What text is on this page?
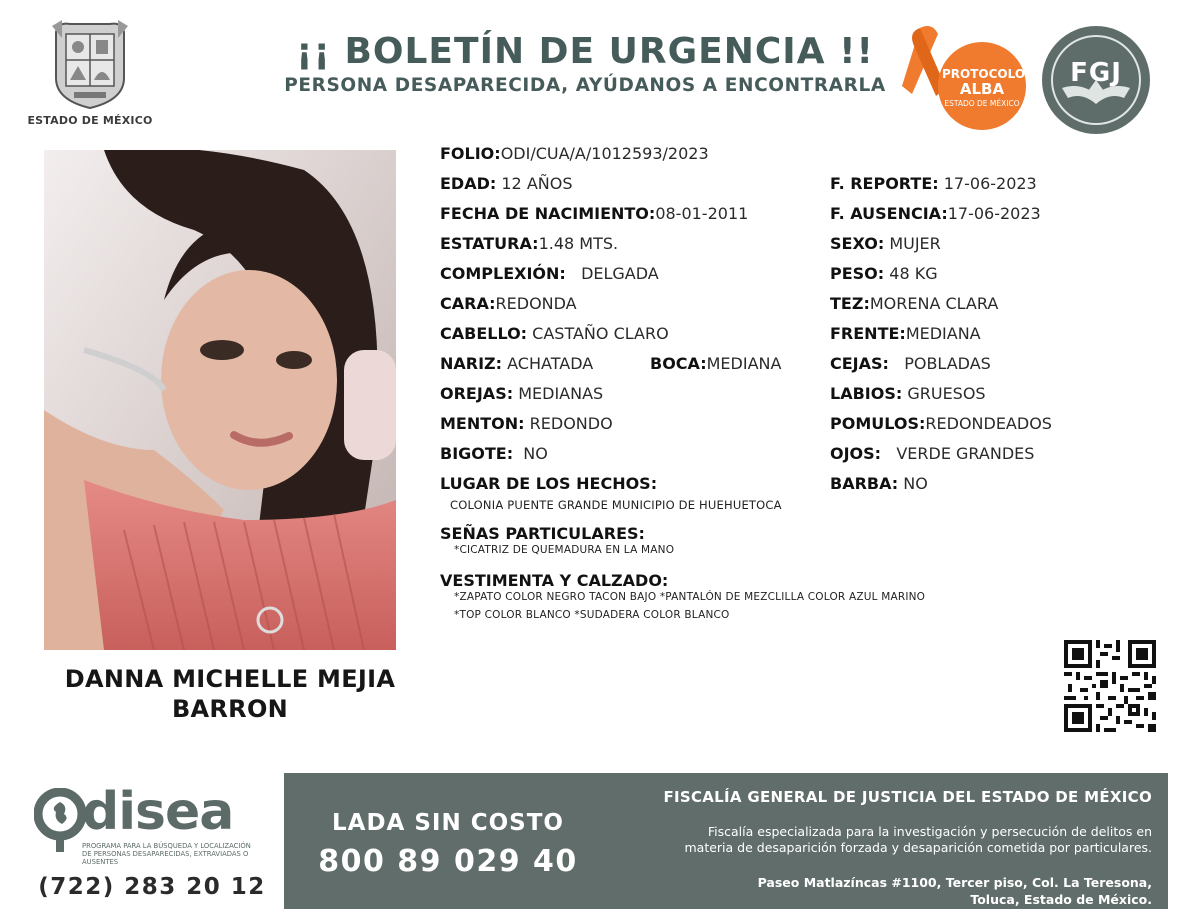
ESTADO DE MÉXICO
¡¡ BOLETÍN DE URGENCIA !!
PERSONA DESAPARECIDA, AYÚDANOS A ENCONTRARLA
PROTOCOLO
ALBA
ESTADO DE MÉXICO
FGJ
DANNA MICHELLE MEJIA
BARRON
FOLIO:ODI/CUA/A/1012593/2023
EDAD: 12 AÑOS	F. REPORTE: 17-06-2023
FECHA DE NACIMIENTO:08-01-2011	F. AUSENCIA:17-06-2023
ESTATURA:1.48 MTS.	SEXO: MUJER
COMPLEXIÓN: DELGADA	PESO: 48 KG
CARA:REDONDA	TEZ:MORENA CLARA
CABELLO: CASTAÑO CLARO	FRENTE:MEDIANA
NARIZ: ACHATADA	BOCA:MEDIANA	CEJAS: POBLADAS
OREJAS: MEDIANAS	LABIOS: GRUESOS
MENTON: REDONDO	POMULOS:REDONDEADOS
BIGOTE: NO	OJOS: VERDE GRANDES
LUGAR DE LOS HECHOS:
COLONIA PUENTE GRANDE MUNICIPIO DE HUEHUETOCA
BARBA: NO
SEÑAS PARTICULARES:
*CICATRIZ DE QUEMADURA EN LA MANO
VESTIMENTA Y CALZADO:
*ZAPATO COLOR NEGRO TACON BAJO *PANTALÓN DE MEZCLILLA COLOR AZUL MARINO
*TOP COLOR BLANCO *SUDADERA COLOR BLANCO
disea
PROGRAMA PARA LA BÚSQUEDA Y LOCALIZACIÓN
DE PERSONAS DESAPARECIDAS, EXTRAVIADAS O
AUSENTES
(722) 283 20 12
LADA SIN COSTO
800 89 029 40
FISCALÍA GENERAL DE JUSTICIA DEL ESTADO DE MÉXICO
Fiscalía especializada para la investigación y persecución de delitos en
materia de desaparición forzada y desaparición cometida por particulares.
Paseo Matlazíncas #1100, Tercer piso, Col. La Teresona,
Toluca, Estado de México.
